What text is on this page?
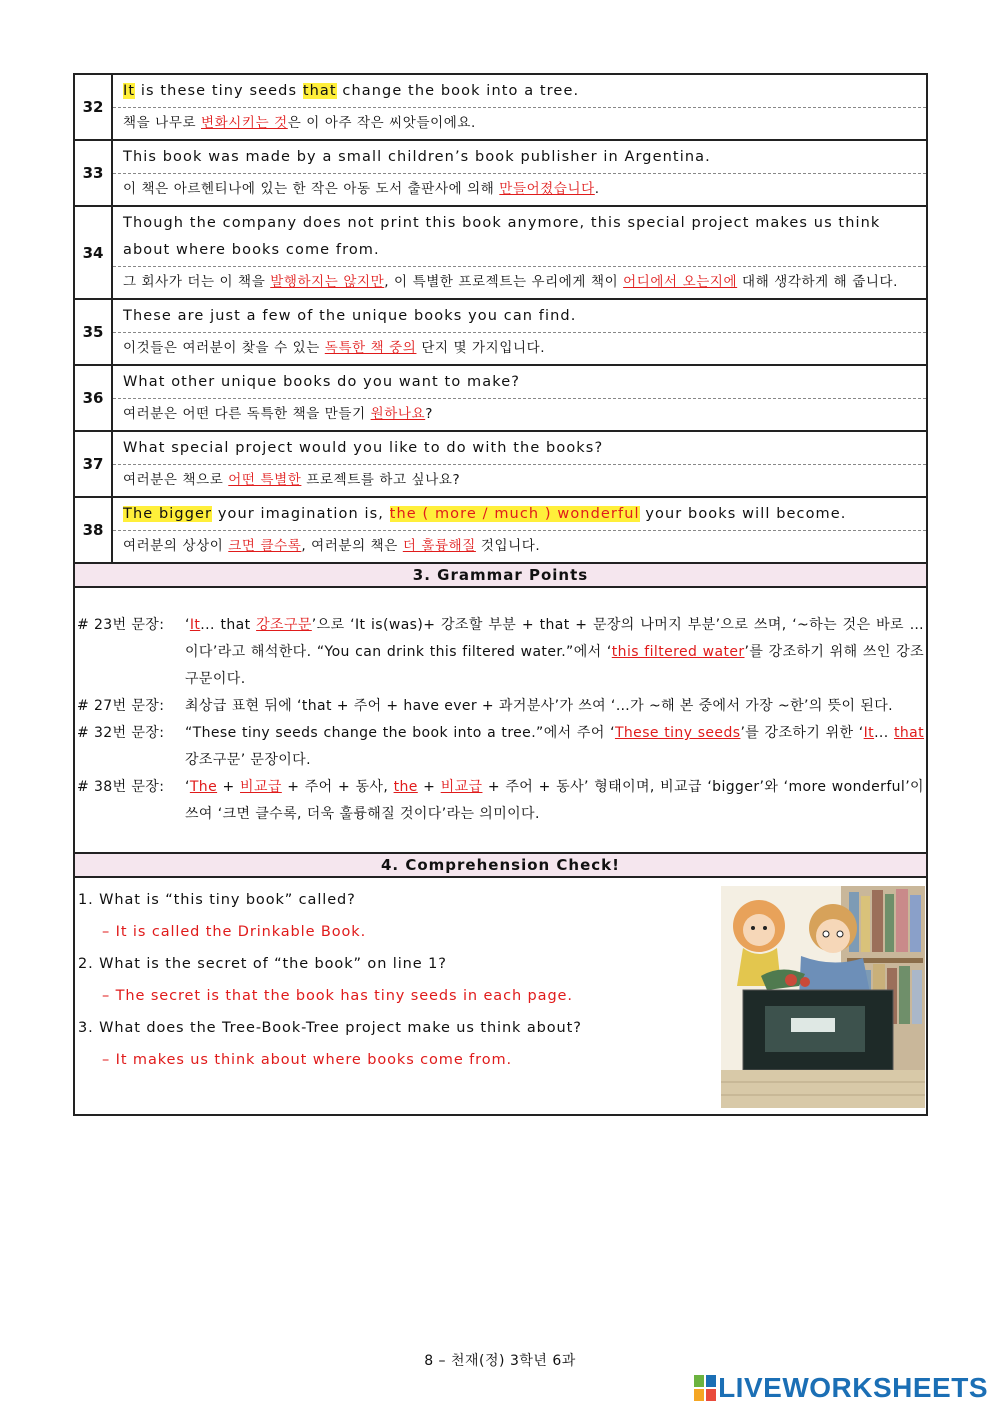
32
It is these tiny seeds that change the book into a tree.
책을 나무로 변화시키는 것은 이 아주 작은 씨앗들이에요.
33
This book was made by a small children’s book publisher in Argentina.
이 책은 아르헨티나에 있는 한 작은 아동 도서 출판사에 의해 만들어졌습니다.
34
Though the company does not print this book anymore, this special project makes us think about where books come from.
그 회사가 더는 이 책을 발행하지는 않지만, 이 특별한 프로젝트는 우리에게 책이 어디에서 오는지에 대해 생각하게 해 줍니다.
35
These are just a few of the unique books you can find.
이것들은 여러분이 찾을 수 있는 독특한 책 중의 단지 몇 가지입니다.
36
What other unique books do you want to make?
여러분은 어떤 다른 독특한 책을 만들기 원하나요?
37
What special project would you like to do with the books?
여러분은 책으로 어떤 특별한 프로젝트를 하고 싶나요?
38
The bigger your imagination is, the ( more / much ) wonderful your books will become.
여러분의 상상이 크면 클수록, 여러분의 책은 더 훌륭해질 것입니다.
3. Grammar Points
# 23번 문장:	‘It... that 강조구문’으로 ‘It is(was)+ 강조할 부분 + that + 문장의 나머지 부분’으로 쓰며, ‘~하는 것은 바로 …이다’라고 해석한다. “You can drink this filtered water.”에서 ‘this filtered water’를 강조하기 위해 쓰인 강조구문이다.
# 27번 문장:	최상급 표현 뒤에 ‘that + 주어 + have ever + 과거분사’가 쓰여 ‘…가 ~해 본 중에서 가장 ~한’의 뜻이 된다.
# 32번 문장:	“These tiny seeds change the book into a tree.”에서 주어 ‘These tiny seeds’를 강조하기 위한 ‘It... that 강조구문’ 문장이다.
# 38번 문장:	‘The + 비교급 + 주어 + 동사, the + 비교급 + 주어 + 동사’ 형태이며, 비교급 ‘bigger’와 ‘more wonderful’이 쓰여 ‘크면 클수록, 더욱 훌륭해질 것이다’라는 의미이다.
4. Comprehension Check!
1. What is “this tiny book” called?
– It is called the Drinkable Book.
2. What is the secret of “the book” on line 1?
– The secret is that the book has tiny seeds in each page.
3. What does the Tree-Book-Tree project make us think about?
– It makes us think about where books come from.
8 – 천재(정) 3학년 6과
LIVEWORKSHEETS
